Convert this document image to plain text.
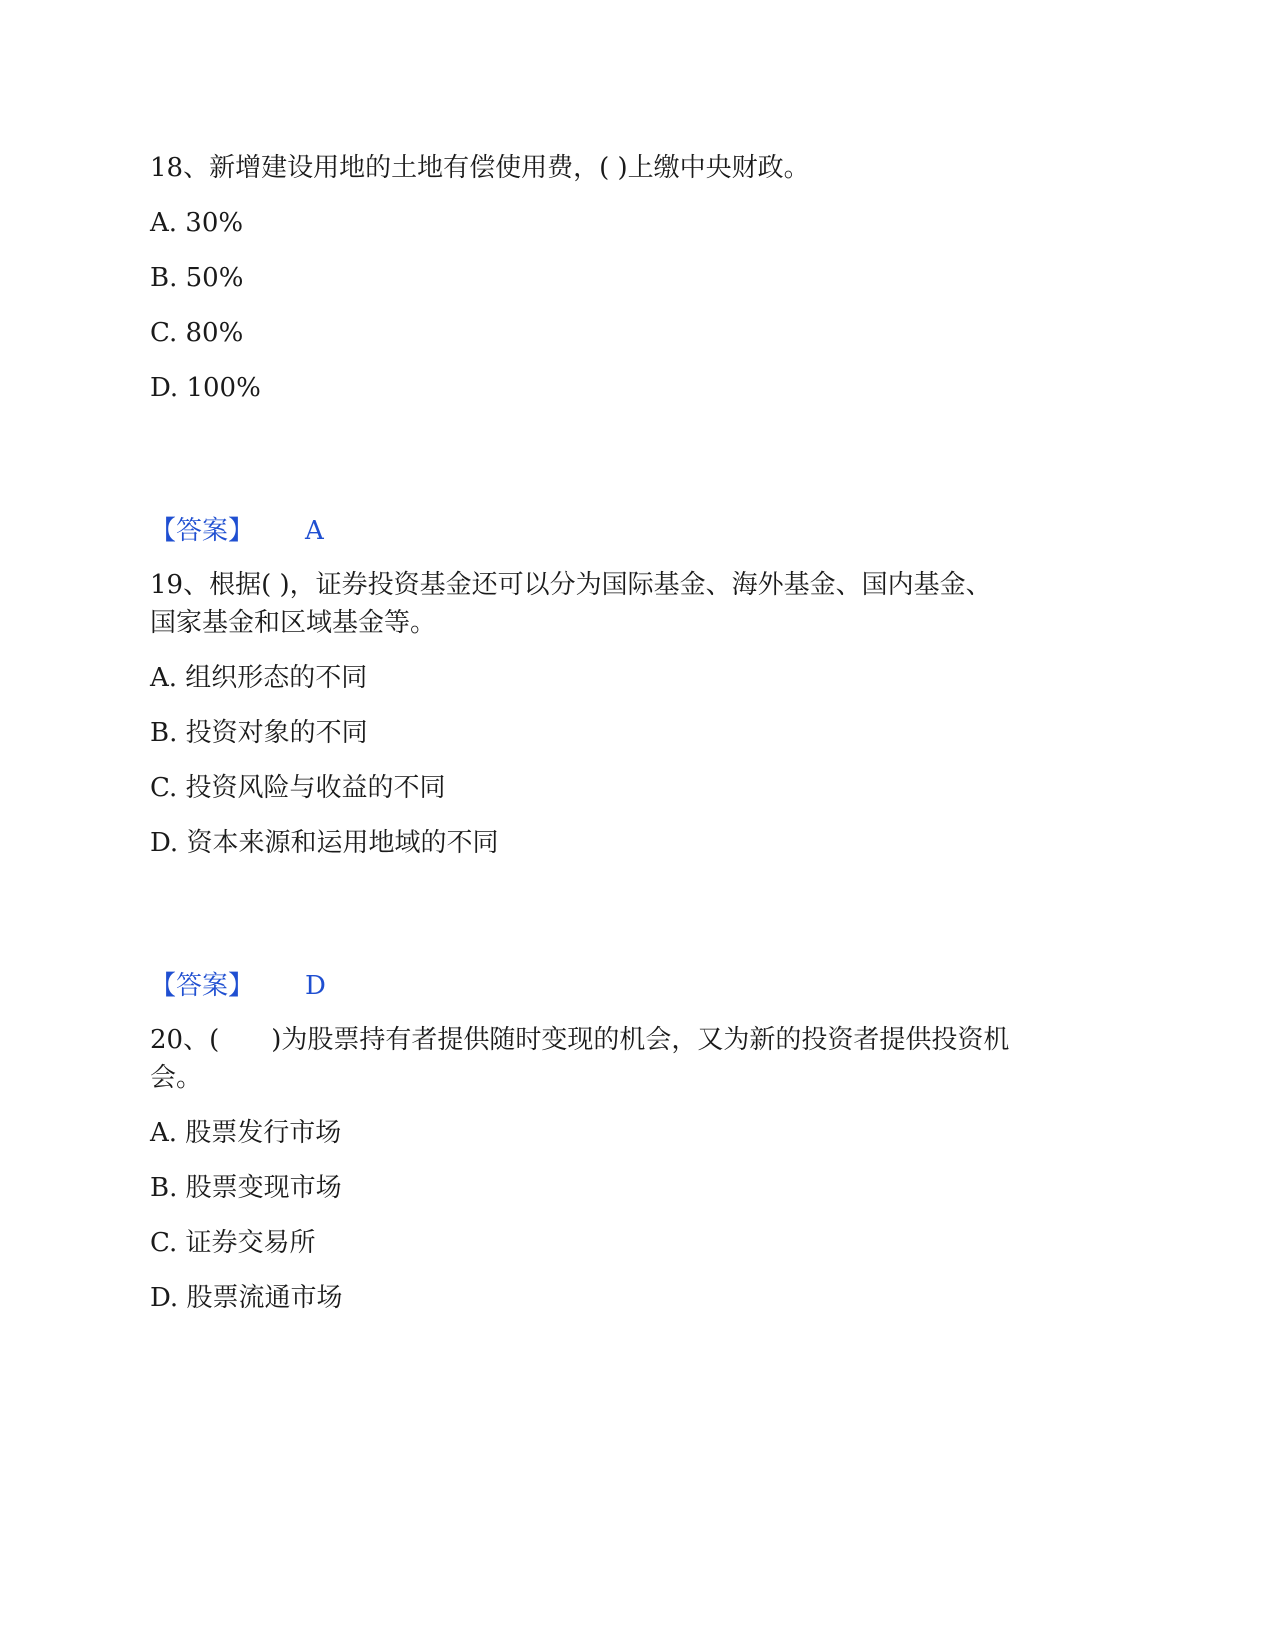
18、新增建设用地的土地有偿使用费，( )上缴中央财政。
A. 30%
B. 50%
C. 80%
D. 100%
【答案】 A
19、根据( )，证券投资基金还可以分为国际基金、海外基金、国内基金、
国家基金和区域基金等。
A. 组织形态的不同
B. 投资对象的不同
C. 投资风险与收益的不同
D. 资本来源和运用地域的不同
【答案】 D
20、(　　)为股票持有者提供随时变现的机会，又为新的投资者提供投资机
会。
A. 股票发行市场
B. 股票变现市场
C. 证券交易所
D. 股票流通市场
